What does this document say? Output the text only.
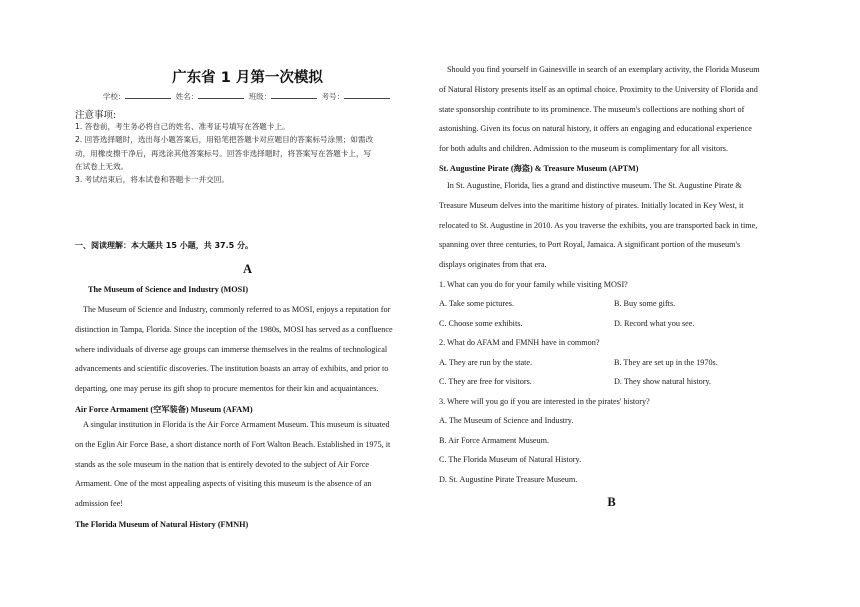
广东省 1 月第一次模拟
学校：	姓名：	班级：	考号：
注意事项:
1. 答卷前，考生务必将自己的姓名、准考证号填写在答题卡上。
2. 回答选择题时，选出每小题答案后，用铅笔把答题卡对应题目的答案标号涂黑；如需改
动，用橡皮擦干净后，再选涂其他答案标号。回答非选择题时，将答案写在答题卡上，写
在试卷上无效。
3. 考试结束后，将本试卷和答题卡一并交回。
一、阅读理解：本大题共 15 小题，共 37.5 分。
A
The Museum of Science and Industry (MOSI)
The Museum of Science and Industry, commonly referred to as MOSI, enjoys a reputation for
distinction in Tampa, Florida. Since the inception of the 1980s, MOSI has served as a confluence
where individuals of diverse age groups can immerse themselves in the realms of technological
advancements and scientific discoveries. The institution boasts an array of exhibits, and prior to
departing, one may peruse its gift shop to procure mementos for their kin and acquaintances.
Air Force Armament (空军装备) Museum (AFAM)
A singular institution in Florida is the Air Force Armament Museum. This museum is situated
on the Eglin Air Force Base, a short distance north of Fort Walton Beach. Established in 1975, it
stands as the sole museum in the nation that is entirely devoted to the subject of Air Force
Armament. One of the most appealing aspects of visiting this museum is the absence of an
admission fee!
The Florida Museum of Natural History (FMNH)
Should you find yourself in Gainesville in search of an exemplary activity, the Florida Museum
of Natural History presents itself as an optimal choice. Proximity to the University of Florida and
state sponsorship contribute to its prominence. The museum's collections are nothing short of
astonishing. Given its focus on natural history, it offers an engaging and educational experience
for both adults and children. Admission to the museum is complimentary for all visitors.
St. Augustine Pirate (海盗) & Treasure Museum (APTM)
In St. Augustine, Florida, lies a grand and distinctive museum. The St. Augustine Pirate &
Treasure Museum delves into the maritime history of pirates. Initially located in Key West, it
relocated to St. Augustine in 2010. As you traverse the exhibits, you are transported back in time,
spanning over three centuries, to Port Royal, Jamaica. A significant portion of the museum's
displays originates from that era.
1. What can you do for your family while visiting MOSI?
A. Take some pictures.	B. Buy some gifts.
C. Choose some exhibits.	D. Record what you see.
2. What do AFAM and FMNH have in common?
A. They are run by the state.	B. They are set up in the 1970s.
C. They are free for visitors.	D. They show natural history.
3. Where will you go if you are interested in the pirates' history?
A. The Museum of Science and Industry.
B. Air Force Armament Museum.
C. The Florida Museum of Natural History.
D. St. Augustine Pirate Treasure Museum.
B
